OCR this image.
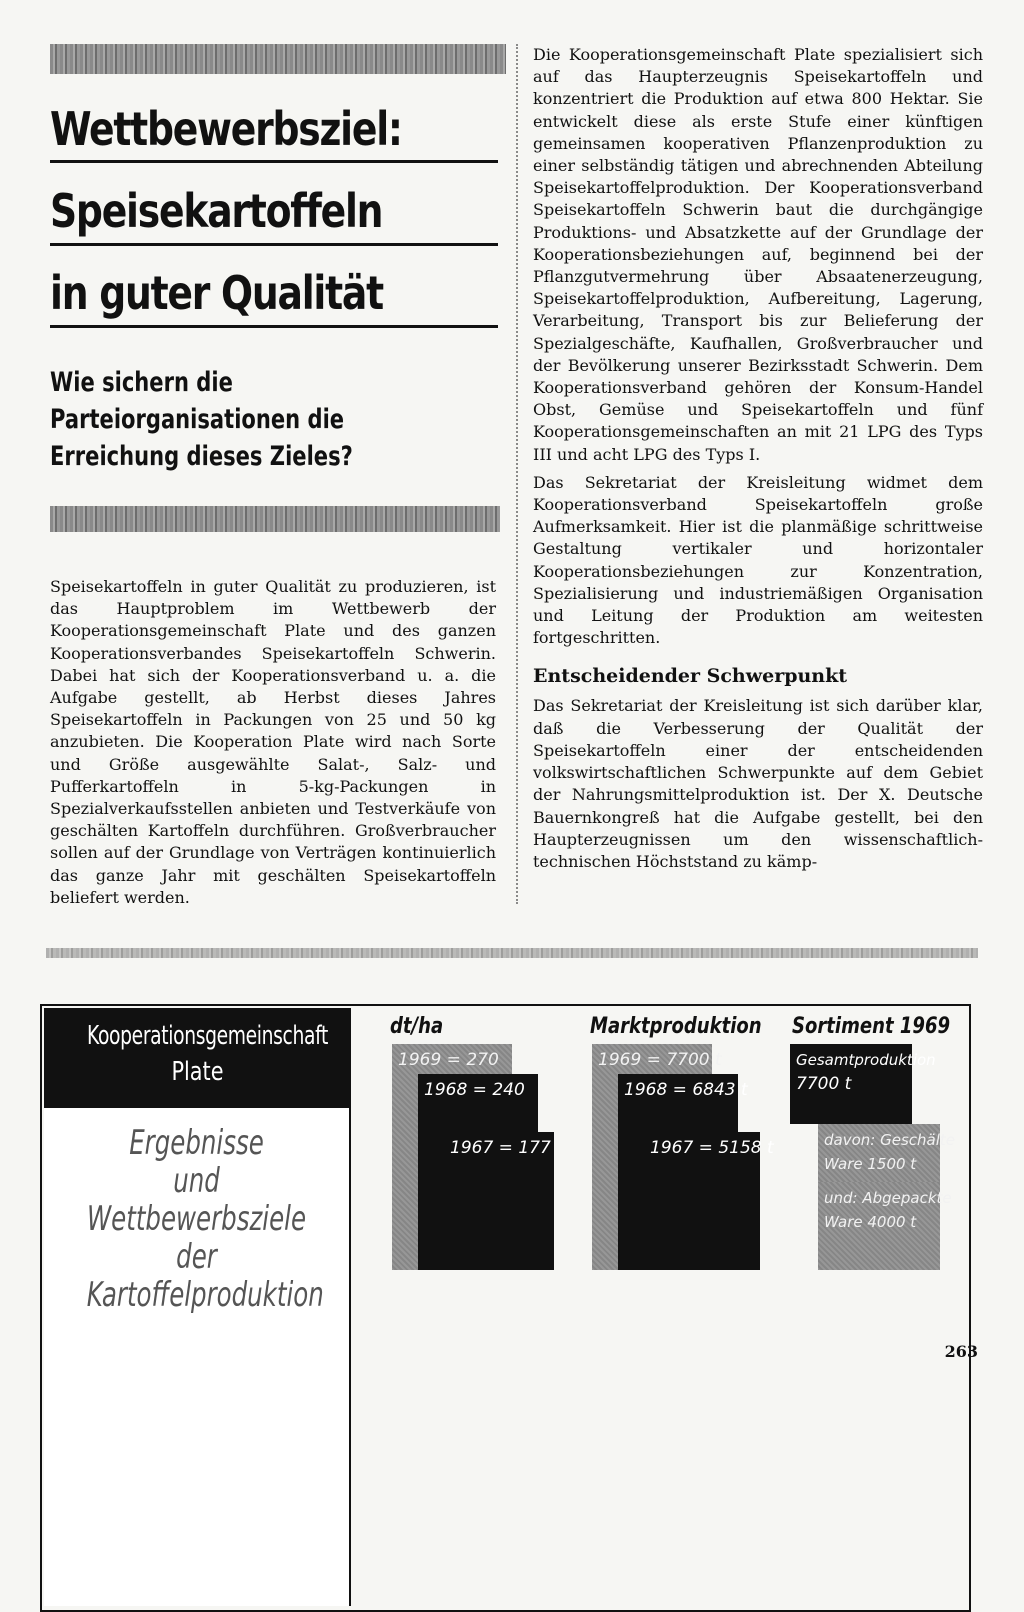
Wettbewerbsziel:
Speisekartoffeln
in guter Qualität
Wie sichern die
Parteiorganisationen die
Erreichung dieses Zieles?

Speisekartoffeln in guter Qualität zu produzieren, ist das Hauptproblem im Wettbewerb der Kooperationsgemeinschaft Plate und des ganzen Kooperationsverbandes Speisekartoffeln Schwerin. Dabei hat sich der Kooperationsverband u. a. die Aufgabe gestellt, ab Herbst dieses Jahres Speisekartoffeln in Packungen von 25 und 50 kg anzubieten. Die Kooperation Plate wird nach Sorte und Größe ausgewählte Salat-, Salz- und Pufferkartoffeln in 5-kg-Packungen in Spezialverkaufsstellen anbieten und Testverkäufe von geschälten Kartoffeln durchführen. Großverbraucher sollen auf der Grundlage von Verträgen kontinuierlich das ganze Jahr mit geschälten Speisekartoffeln beliefert werden.

Die Kooperationsgemeinschaft Plate spezialisiert sich auf das Haupterzeugnis Speisekartoffeln und konzentriert die Produktion auf etwa 800 Hektar. Sie entwickelt diese als erste Stufe einer künftigen gemeinsamen kooperativen Pflanzenproduktion zu einer selbständig tätigen und abrechnenden Abteilung Speisekartoffelproduktion. Der Kooperationsverband Speisekartoffeln Schwerin baut die durchgängige Produktions- und Absatzkette auf der Grundlage der Kooperationsbeziehungen auf, beginnend bei der Pflanzgutvermehrung über Absaatenerzeugung, Speisekartoffelproduktion, Aufbereitung, Lagerung, Verarbeitung, Transport bis zur Belieferung der Spezialgeschäfte, Kaufhallen, Großverbraucher und der Bevölkerung unserer Bezirksstadt Schwerin. Dem Kooperationsverband gehören der Konsum-Handel Obst, Gemüse und Speisekartoffeln und fünf Kooperationsgemeinschaften an mit 21 LPG des Typs III und acht LPG des Typs I.

Das Sekretariat der Kreisleitung widmet dem Kooperationsverband Speisekartoffeln große Aufmerksamkeit. Hier ist die planmäßige schrittweise Gestaltung vertikaler und horizontaler Kooperationsbeziehungen zur Konzentration, Spezialisierung und industriemäßigen Organisation und Leitung der Produktion am weitesten fortgeschritten.

Entscheidender Schwerpunkt

Das Sekretariat der Kreisleitung ist sich darüber klar, daß die Verbesserung der Qualität der Speisekartoffeln einer der entscheidenden volkswirtschaftlichen Schwerpunkte auf dem Gebiet der Nahrungsmittelproduktion ist. Der X. Deutsche Bauernkongreß hat die Aufgabe gestellt, bei den Haupterzeugnissen um den wissenschaftlich-technischen Höchststand zu kämp-

Kooperationsgemeinschaft
Plate
Ergebnisse
und
Wettbewerbsziele
der
Kartoffelproduktion
dt/ha	Marktproduktion Sortiment 1969
1969 = 270
1968 = 240
1967 = 177
1969 = 7700 t
1968 = 6843 t
1967 = 5158 t
Gesamtproduktion
7700 t
davon: Geschälte
Ware 1500 t
und: Abgepackte
Ware 4000 t
263
